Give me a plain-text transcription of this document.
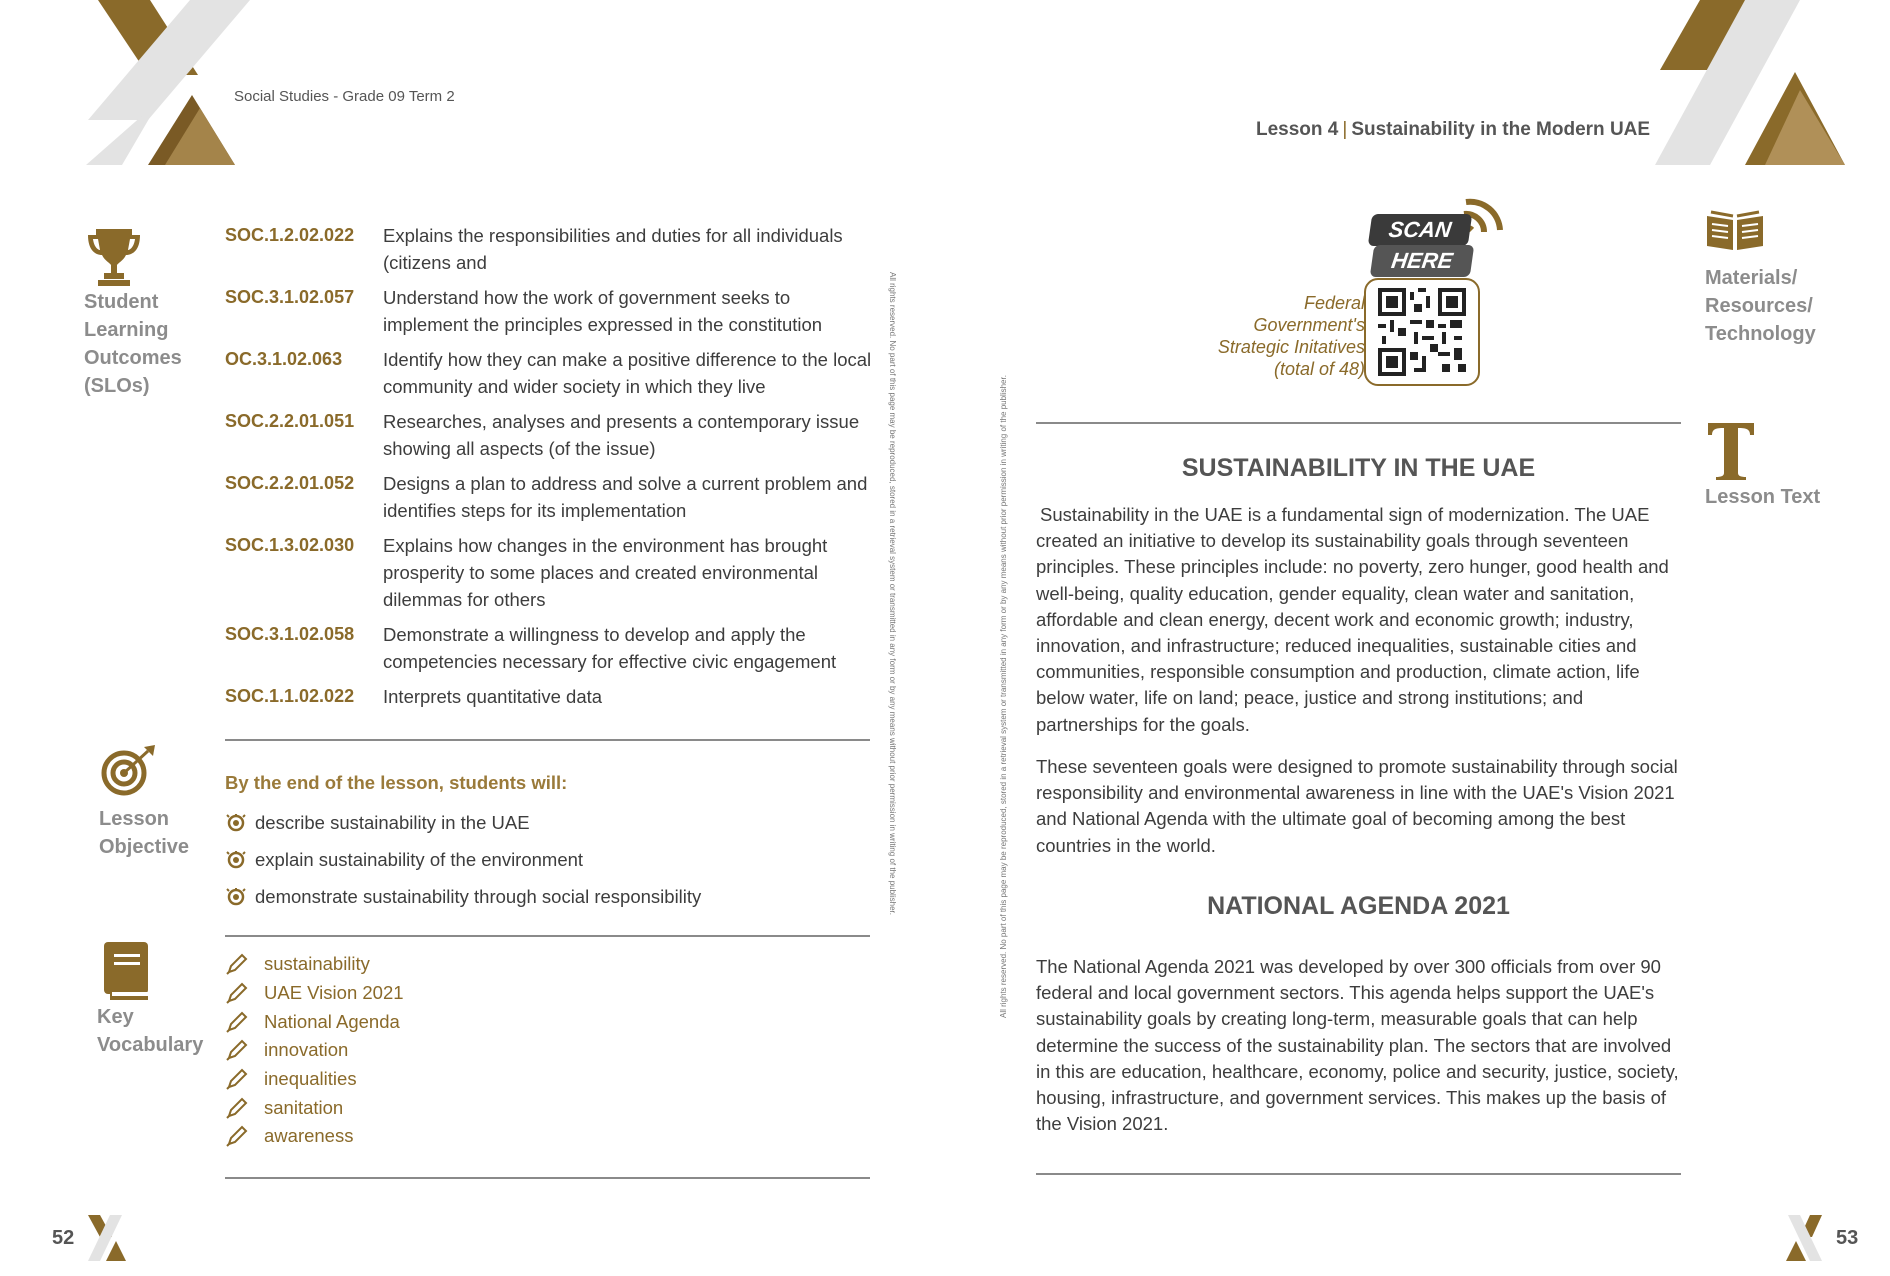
Social Studies - Grade 09 Term 2
Lesson 4 | Sustainability in the Modern UAE
Student
Learning
Outcomes
(SLOs)
Lesson
Objective
Key
Vocabulary
SOC.1.2.02.022	Explains the responsibilities and duties for all individuals (citizens and
SOC.3.1.02.057	Understand how the work of government seeks to implement the principles expressed in the constitution
OC.3.1.02.063	Identify how they can make a positive difference to the local community and wider society in which they live
SOC.2.2.01.051	Researches, analyses and presents a contemporary issue showing all aspects (of the issue)
SOC.2.2.01.052	Designs a plan to address and solve a current problem and identifies steps for its implementation
SOC.1.3.02.030	Explains how changes in the environment has brought prosperity to some places and created environmental dilemmas for others
SOC.3.1.02.058	Demonstrate a willingness to develop and apply the competencies necessary for effective civic engagement
SOC.1.1.02.022	Interprets quantitative data
By the end of the lesson, students will:
describe sustainability in the UAE
explain sustainability of the environment
demonstrate sustainability through social responsibility
sustainability
UAE Vision 2021
National Agenda
innovation
inequalities
sanitation
awareness
All rights reserved. No part of this page may be reproduced, stored in a retrieval system or transmitted in any form or by any means without prior permission in writing of the publisher.	All rights reserved. No part of this page may be reproduced, stored in a retrieval system or transmitted in any form or by any means without prior permission in writing of the publisher.
Materials/
Resources/
Technology
Lesson Text
SCAN
HERE
Federal
Government's
Strategic Initatives
(total of 48)
SUSTAINABILITY IN THE UAE
Sustainability in the UAE is a fundamental sign of modernization. The UAE created an initiative to develop its sustainability goals through seventeen principles. These principles include: no poverty, zero hunger, good health and well-being, quality education, gender equality, clean water and sanitation, affordable and clean energy, decent work and economic growth; industry, innovation, and infrastructure; reduced inequalities, sustainable cities and communities, responsible consumption and production, climate action, life below water, life on land; peace, justice and strong institutions; and partnerships for the goals.
These seventeen goals were designed to promote sustainability through social responsibility and environmental awareness in line with the UAE's Vision 2021 and National Agenda with the ultimate goal of becoming among the best countries in the world.
NATIONAL AGENDA 2021
The National Agenda 2021 was developed by over 300 officials from over 90 federal and local government sectors. This agenda helps support the UAE's sustainability goals by creating long-term, measurable goals that can help determine the success of the sustainability plan. The sectors that are involved in this are education, healthcare, economy, police and security, justice, society, housing, infrastructure, and government services. This makes up the basis of the Vision 2021.
52	53
